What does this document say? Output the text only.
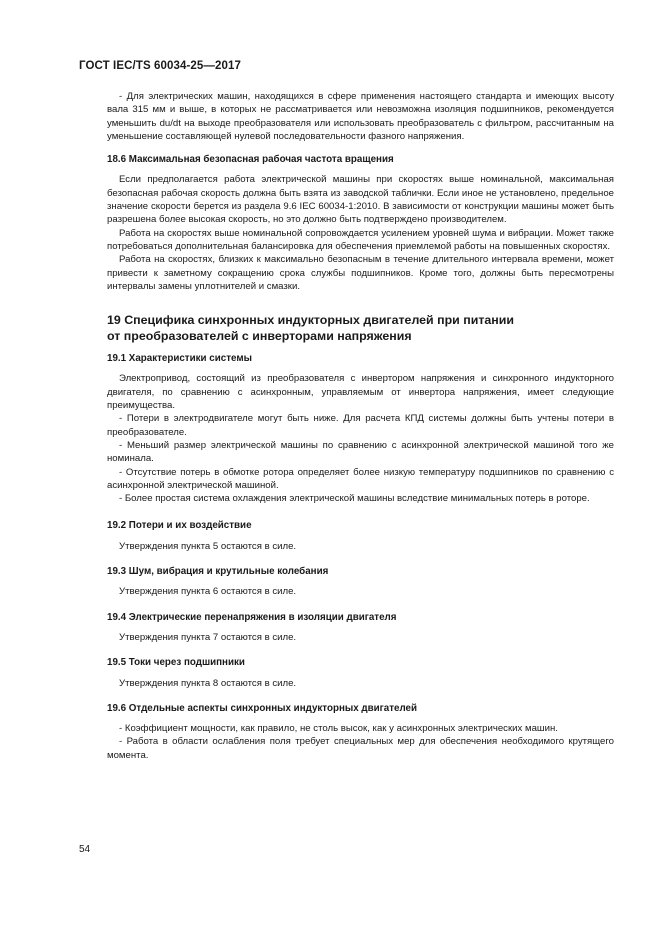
ГОСТ IEC/TS 60034-25—2017

- Для электрических машин, находящихся в сфере применения настоящего стандарта и имеющих высоту вала 315 мм и выше, в которых не рассматривается или невозможна изоляция подшипников, рекомендуется уменьшить du/dt на выходе преобразователя или использовать преобразователь с фильтром, рассчитанным на уменьшение составляющей нулевой последовательности фазного напряжения.

18.6 Максимальная безопасная рабочая частота вращения

Если предполагается работа электрической машины при скоростях выше номинальной, максимальная безопасная рабочая скорость должна быть взята из заводской таблички. Если иное не установлено, предельное значение скорости берется из раздела 9.6 IEC 60034-1:2010. В зависимости от конструкции машины может быть разрешена более высокая скорость, но это должно быть подтверждено производителем.

Работа на скоростях выше номинальной сопровождается усилением уровней шума и вибрации. Может также потребоваться дополнительная балансировка для обеспечения приемлемой работы на повышенных скоростях.

Работа на скоростях, близких к максимально безопасным в течение длительного интервала времени, может привести к заметному сокращению срока службы подшипников. Кроме того, должны быть пересмотрены интервалы замены уплотнителей и смазки.

19 Специфика синхронных индукторных двигателей при питании
от преобразователей с инверторами напряжения
19.1 Характеристики системы

Электропривод, состоящий из преобразователя с инвертором напряжения и синхронного индукторного двигателя, по сравнению с асинхронным, управляемым от инвертора напряжения, имеет следующие преимущества.

- Потери в электродвигателе могут быть ниже. Для расчета КПД системы должны быть учтены потери в преобразователе.

- Меньший размер электрической машины по сравнению с асинхронной электрической машиной того же номинала.

- Отсутствие потерь в обмотке ротора определяет более низкую температуру подшипников по сравнению с асинхронной электрической машиной.

- Более простая система охлаждения электрической машины вследствие минимальных потерь в роторе.

19.2 Потери и их воздействие

Утверждения пункта 5 остаются в силе.

19.3 Шум, вибрация и крутильные колебания

Утверждения пункта 6 остаются в силе.

19.4 Электрические перенапряжения в изоляции двигателя

Утверждения пункта 7 остаются в силе.

19.5 Токи через подшипники

Утверждения пункта 8 остаются в силе.

19.6 Отдельные аспекты синхронных индукторных двигателей

- Коэффициент мощности, как правило, не столь высок, как у асинхронных электрических машин.

- Работа в области ослабления поля требует специальных мер для обеспечения необходимого крутящего момента.

54
